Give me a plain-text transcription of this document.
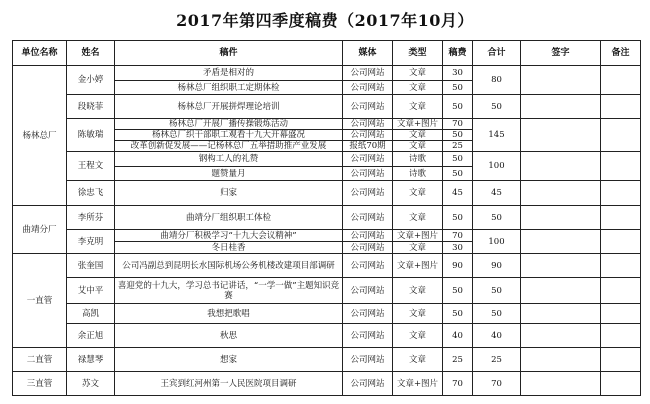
2017年第四季度稿费（2017年10月）
单位名称	姓名	稿件	媒体	类型	稿费	合计	签字	备注
杨林总厂	金小婷	矛盾是相对的	公司网站	文章	30	80		
		杨林总厂组织职工定期体检	公司网站	文章	50			
	段晓菲	杨林总厂开展拼焊理论培训	公司网站	文章	50	50		
	陈敏瑞	杨林总厂开展厂播传操锻炼活动	公司网站	文章+图片	70	145		
		杨林总厂织干部职工观看十九大开幕盛况	公司网站	文章	50			
		改革创新促发展——记杨林总厂五举措助推产业发展	报纸70期	文章	25			
	王程文	钢构工人的礼赞	公司网站	诗歌	50	100		
		题赞量月	公司网站	诗歌	50			
	徐忠飞	归家	公司网站	文章	45	45		
曲靖分厂	李所芬	曲靖分厂组织职工体检	公司网站	文章	50	50		
	李克明	曲靖分厂积极学习“十九大会议精神”	公司网站	文章+图片	70	100		
		冬日桂香	公司网站	文章	30			
一直管	张奎国	公司冯副总到昆明长水国际机场公务机楼改建项目部调研	公司网站	文章+图片	90	90		
	艾中平	喜迎党的十九大，学习总书记讲话，“一学一做”主题知识竞赛	公司网站	文章	50	50		
	高凯	我想把歌唱	公司网站	文章	50	50		
	余正旭	秋思	公司网站	文章	40	40		
二直管	禄慧琴	想家	公司网站	文章	25	25		
三直管	苏文	王宾到红河州第一人民医院项目调研	公司网站	文章+图片	70	70		
